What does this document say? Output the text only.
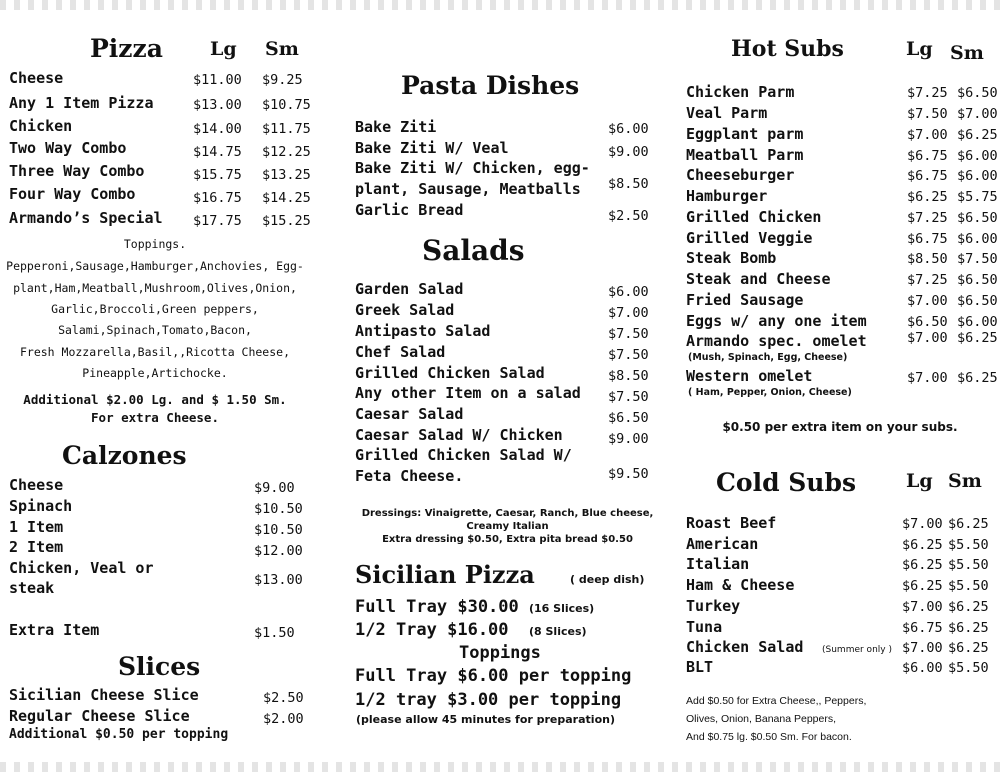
Pizza Lg Sm
Cheese	$11.00 $9.25
Any 1 Item Pizza	$13.00 $10.75
Chicken	$14.00 $11.75
Two Way Combo	$14.75 $12.25
Three Way Combo	$15.75 $13.25
Four Way Combo	$16.75 $14.25
Armando’s Special $17.75 $15.25
Toppings.
Pepperoni,Sausage,Hamburger,Anchovies, Egg-
plant,Ham,Meatball,Mushroom,Olives,Onion,
Garlic,Broccoli,Green peppers,
Salami,Spinach,Tomato,Bacon,
Fresh Mozzarella,Basil,,Ricotta Cheese,
Pineapple,Artichocke.
Additional $2.00 Lg. and $ 1.50 Sm.
For extra Cheese.
Calzones
Cheese	$9.00
Spinach	$10.50
1 Item	$10.50
2 Item	$12.00
Chicken, Veal or
steak	$13.00
Extra Item	$1.50
Slices
Sicilian Cheese Slice	$2.50
Regular Cheese Slice	$2.00
Additional $0.50 per topping
Pasta Dishes
Bake Ziti	$6.00
Bake Ziti W/ Veal	$9.00
Bake Ziti W/ Chicken, egg-
plant, Sausage, Meatballs $8.50
Garlic Bread	$2.50
Salads
Garden Salad	$6.00
Greek Salad	$7.00
Antipasto Salad	$7.50
Chef Salad	$7.50
Grilled Chicken Salad	$8.50
Any other Item on a salad $7.50
Caesar Salad	$6.50
Caesar Salad W/ Chicken	$9.00
Grilled Chicken Salad W/
Feta Cheese.	$9.50
Dressings: Vinaigrette, Caesar, Ranch, Blue cheese,
Creamy Italian
Extra dressing $0.50, Extra pita bread $0.50
Sicilian Pizza	( deep dish)
Full Tray $30.00 (16 Slices)
1/2 Tray $16.00 (8 Slices)
Toppings
Full Tray $6.00 per topping
1/2 tray $3.00 per topping
(please allow 45 minutes for preparation)
Hot Subs	Lg Sm
Chicken Parm	$7.25 $6.50
Veal Parm	$7.50 $7.00
Eggplant parm	$7.00 $6.25
Meatball Parm	$6.75 $6.00
Cheeseburger	$6.75 $6.00
Hamburger	$6.25 $5.75
Grilled Chicken	$7.25 $6.50
Grilled Veggie	$6.75 $6.00
Steak Bomb	$8.50 $7.50
Steak and Cheese	$7.25 $6.50
Fried Sausage	$7.00 $6.50
Eggs w/ any one item	$6.50 $6.00
Armando spec. omelet
(Mush, Spinach, Egg, Cheese)
$7.00 $6.25
Western omelet
( Ham, Pepper, Onion, Cheese)
$7.00 $6.25
$0.50 per extra item on your subs.
Cold Subs	Lg Sm
Roast Beef	$7.00 $6.25
American	$6.25 $5.50
Italian	$6.25 $5.50
Ham & Cheese	$6.25 $5.50
Turkey	$7.00 $6.25
Tuna	$6.75 $6.25
Chicken Salad (Summer only ) $7.00 $6.25
BLT	$6.00 $5.50
Add $0.50 for Extra Cheese,, Peppers,
Olives, Onion, Banana Peppers,
And $0.75 lg. $0.50 Sm. For bacon.
